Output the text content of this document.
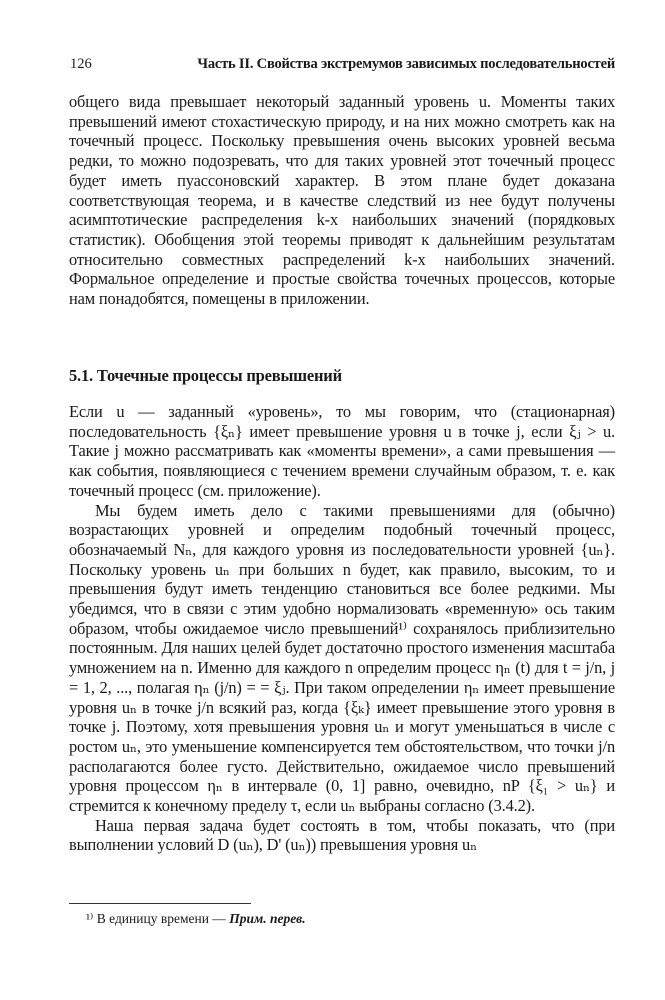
126	Часть II. Свойства экстремумов зависимых последовательностей

общего вида превышает некоторый заданный уровень u. Моменты таких превышений имеют стохастическую природу, и на них можно смотреть как на точечный процесс. Поскольку превышения очень высоких уровней весьма редки, то можно подозревать, что для таких уровней этот точечный процесс будет иметь пуассоновский характер. В этом плане будет доказана соответствующая теорема, и в качестве следствий из нее будут получены асимптотические распределения k-х наибольших значений (порядковых статистик). Обобщения этой теоремы приводят к дальнейшим результатам относительно совместных распределений k-х наибольших значений. Формальное определение и простые свойства точечных процессов, которые нам понадобятся, помещены в приложении.

5.1. Точечные процессы превышений

Если u — заданный «уровень», то мы говорим, что (стационарная) последовательность {ξₙ} имеет превышение уровня u в точке j, если ξⱼ > u. Такие j можно рассматривать как «моменты времени», а сами превышения — как события, появляющиеся с течением времени случайным образом, т. е. как точечный процесс (см. приложение).

Мы будем иметь дело с такими превышениями для (обычно) возрастающих уровней и определим подобный точечный процесс, обозначаемый Nₙ, для каждого уровня из последовательности уровней {uₙ}. Поскольку уровень uₙ при больших n будет, как правило, высоким, то и превышения будут иметь тенденцию становиться все более редкими. Мы убедимся, что в связи с этим удобно нормализовать «временную» ось таким образом, чтобы ожидаемое число превышений¹⁾ сохранялось приблизительно постоянным. Для наших целей будет достаточно простого изменения масштаба умножением на n. Именно для каждого n определим процесс ηₙ (t) для t = j/n, j = 1, 2, ..., полагая ηₙ (j/n) = = ξⱼ. При таком определении ηₙ имеет превышение уровня uₙ в точке j/n всякий раз, когда {ξₖ} имеет превышение этого уровня в точке j. Поэтому, хотя превышения уровня uₙ и могут уменьшаться в числе с ростом uₙ, это уменьшение компенсируется тем обстоятельством, что точки j/n располагаются более густо. Действительно, ожидаемое число превышений уровня процессом ηₙ в интервале (0, 1] равно, очевидно, nP {ξ₁ > uₙ} и стремится к конечному пределу τ, если uₙ выбраны согласно (3.4.2).

Наша первая задача будет состоять в том, чтобы показать, что (при выполнении условий D (uₙ), D' (uₙ)) превышения уровня uₙ

¹⁾ В единицу времени — Прим. перев.
